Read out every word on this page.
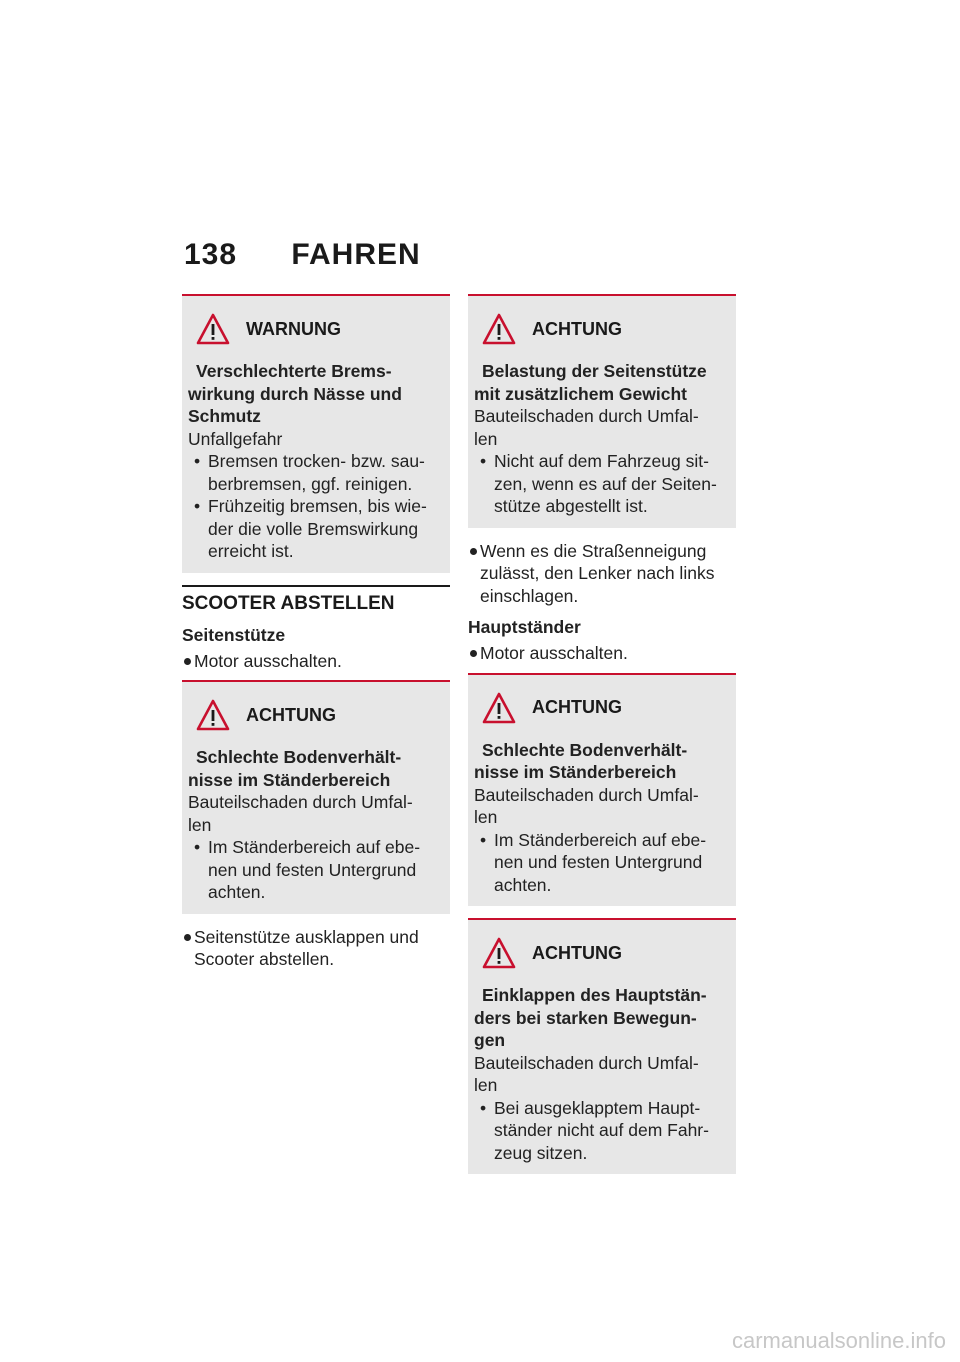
138 FAHREN
WARNUNG
Verschlechterte Brems-
wirkung durch Nässe und
Schmutz
Unfallgefahr
• Bremsen trocken- bzw. sau-
berbremsen, ggf. reinigen.
• Frühzeitig bremsen, bis wie-
der die volle Bremswirkung
erreicht ist.
SCOOTER ABSTELLEN
Seitenstütze
Motor ausschalten.
ACHTUNG
Schlechte Bodenverhält-
nisse im Ständerbereich
Bauteilschaden durch Umfal-
len
• Im Ständerbereich auf ebe-
nen und festen Untergrund
achten.
Seitenstütze ausklappen und
Scooter abstellen.
ACHTUNG
Belastung der Seitenstütze
mit zusätzlichem Gewicht
Bauteilschaden durch Umfal-
len
• Nicht auf dem Fahrzeug sit-
zen, wenn es auf der Seiten-
stütze abgestellt ist.
Wenn es die Straßenneigung
zulässt, den Lenker nach links
einschlagen.
Hauptständer
Motor ausschalten.
ACHTUNG
Schlechte Bodenverhält-
nisse im Ständerbereich
Bauteilschaden durch Umfal-
len
• Im Ständerbereich auf ebe-
nen und festen Untergrund
achten.
ACHTUNG
Einklappen des Hauptstän-
ders bei starken Bewegun-
gen
Bauteilschaden durch Umfal-
len
• Bei ausgeklapptem Haupt-
ständer nicht auf dem Fahr-
zeug sitzen.
carmanualsonline.info
